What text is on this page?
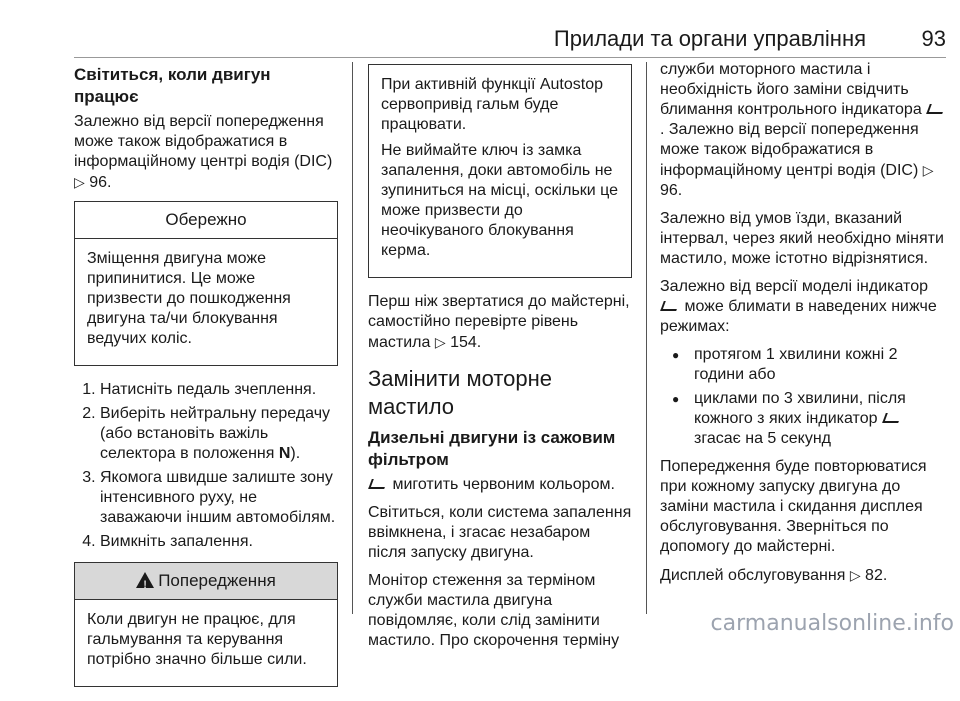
Прилади та органи управління	93
Світиться, коли двигун працює

Залежно від версії попередження може також відображатися в інформаційному центрі водія (DIC) ▷ 96.

Обережно

Зміщення двигуна може припинитися. Це може призвести до пошкодження двигуна та/чи блокування ведучих коліс.

1. Натисніть педаль зчеплення.
2. Виберіть нейтральну передачу (або встановіть важіль селектора в положення N).
3. Якомога швидше залиште зону інтенсивного руху, не заважаючи іншим автомобілям.
4. Вимкніть запалення.
!Попередження

Коли двигун не працює, для гальмування та керування потрібно значно більше сили.

При активній функції Autostop сервопривід гальм буде працювати.

Не виймайте ключ із замка запалення, доки автомобіль не зупиниться на місці, оскільки це може призвести до неочікуваного блокування керма.

Перш ніж звертатися до майстерні, самостійно перевірте рівень мастила ▷ 154.

Замінити моторне мастило
Дизельні двигуни із сажовим фільтром

миготить червоним кольором.

Світиться, коли система запалення ввімкнена, і згасає незабаром після запуску двигуна.

Монітор стеження за терміном служби мастила двигуна повідомляє, коли слід замінити мастило. Про скорочення терміну

служби моторного мастила і необхідність його заміни свідчить блимання контрольного індикатора . Залежно від версії попередження може також відображатися в інформаційному центрі водія (DIC) ▷ 96.

Залежно від умов їзди, вказаний інтервал, через який необхідно міняти мастило, може істотно відрізнятися.

Залежно від версії моделі індикатор  може блимати в наведених нижче режимах:

● протягом 1 хвилини кожні 2 години або
● циклами по 3 хвилини, після кожного з яких індикатор  згасає на 5 секунд

Попередження буде повторюватися при кожному запуску двигуна до заміни мастила і скидання дисплея обслуговування. Зверніться по допомогу до майстерні.

Дисплей обслуговування ▷ 82.

carmanualsonline.info
